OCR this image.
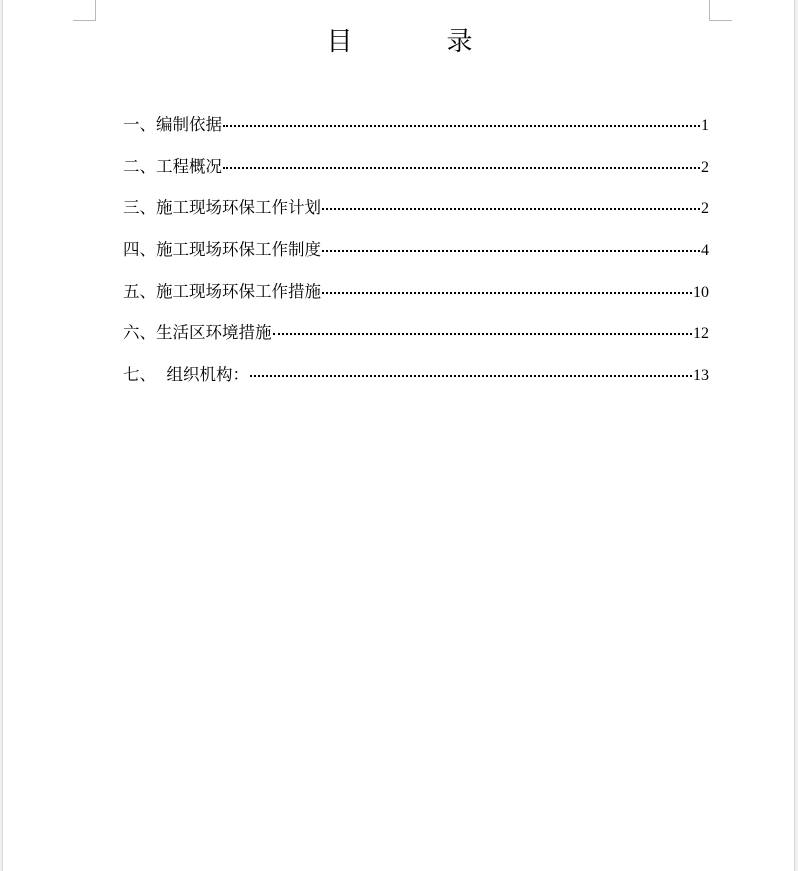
目	录
一、编制依据	1
二、工程概况	2
三、施工现场环保工作计划	2
四、施工现场环保工作制度	4
五、施工现场环保工作措施	10
六、生活区环境措施	12
七、  组织机构：	13
